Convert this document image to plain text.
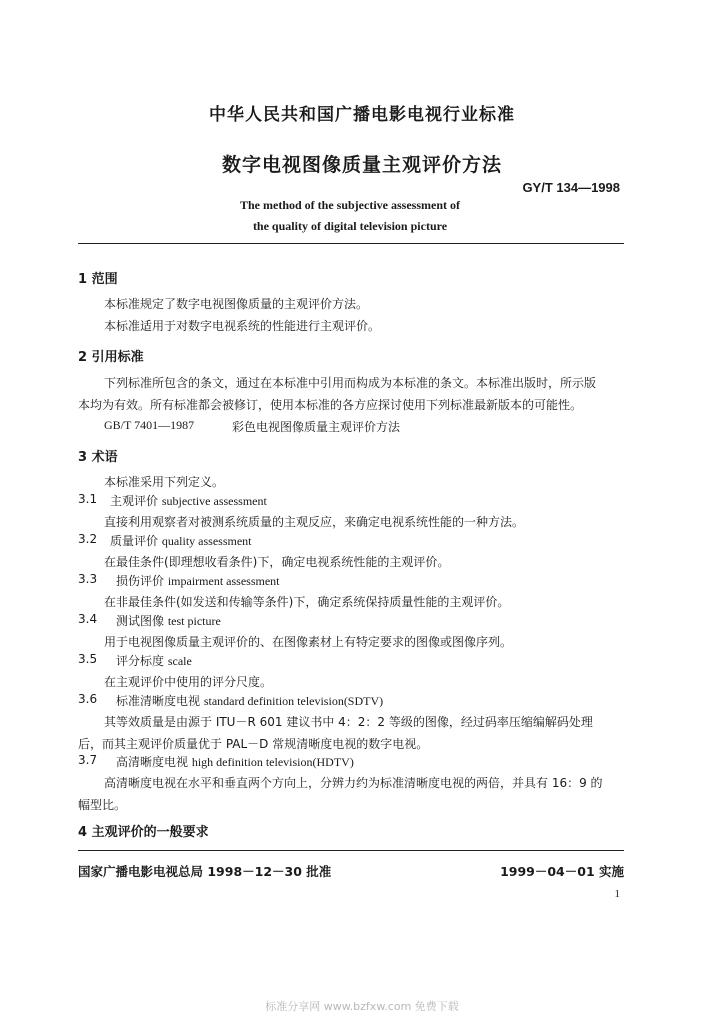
中华人民共和国广播电影电视行业标准
数字电视图像质量主观评价方法
GY/T 134—1998
The method of the subjective assessment of
the quality of digital television picture
1 范围
本标准规定了数字电视图像质量的主观评价方法。
本标准适用于对数字电视系统的性能进行主观评价。
2 引用标准
下列标准所包含的条文，通过在本标准中引用而构成为本标准的条文。本标准出版时，所示版
本均为有效。所有标准都会被修订，使用本标准的各方应探讨使用下列标准最新版本的可能性。
GB/T 7401—1987	彩色电视图像质量主观评价方法
3 术语
本标准采用下列定义。
3.1 主观评价 subjective assessment
直接利用观察者对被测系统质量的主观反应，来确定电视系统性能的一种方法。
3.2 质量评价 quality assessment
在最佳条件(即理想收看条件)下，确定电视系统性能的主观评价。
3.3 损伤评价 impairment assessment
在非最佳条件(如发送和传输等条件)下，确定系统保持质量性能的主观评价。
3.4 测试图像 test picture
用于电视图像质量主观评价的、在图像素材上有特定要求的图像或图像序列。
3.5 评分标度 scale
在主观评价中使用的评分尺度。
3.6 标准清晰度电视 standard definition television(SDTV)
其等效质量是由源于 ITU－R 601 建议书中 4：2：2 等级的图像，经过码率压缩编解码处理
后，而其主观评价质量优于 PAL－D 常规清晰度电视的数字电视。
3.7 高清晰度电视 high definition television(HDTV)
高清晰度电视在水平和垂直两个方向上，分辨力约为标准清晰度电视的两倍，并具有 16：9 的
幅型比。
4 主观评价的一般要求
国家广播电影电视总局 1998－12－30 批准	1999－04－01 实施
1
标准分享网 www.bzfxw.com 免费下载
